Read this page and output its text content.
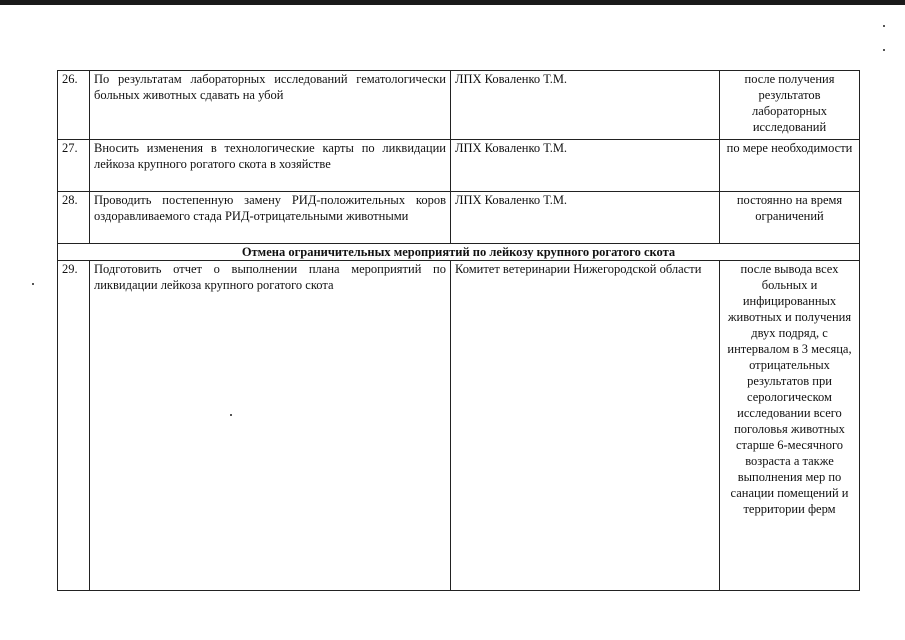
26.	По результатам лабораторных исследований гематологически больных животных сдавать на убой	ЛПХ Коваленко Т.М.	после получения результатов лабораторных исследований
27.	Вносить изменения в технологические карты по ликвидации лейкоза крупного рогатого скота в хозяйстве	ЛПХ Коваленко Т.М.	по мере необходимости
28.	Проводить постепенную замену РИД-положительных коров оздоравливаемого стада РИД-отрицательными животными	ЛПХ Коваленко Т.М.	постоянно на время ограничений
Отмена ограничительных мероприятий по лейкозу крупного рогатого скота			
29.	Подготовить отчет о выполнении плана мероприятий по ликвидации лейкоза крупного рогатого скота	Комитет ветеринарии Нижегородской области	после вывода всех больных и инфицированных животных и получения двух подряд, с интервалом в 3 месяца, отрицательных результатов при серологическом исследовании всего поголовья животных старше 6-месячного возраста а также выполнения мер по санации помещений и территории ферм
